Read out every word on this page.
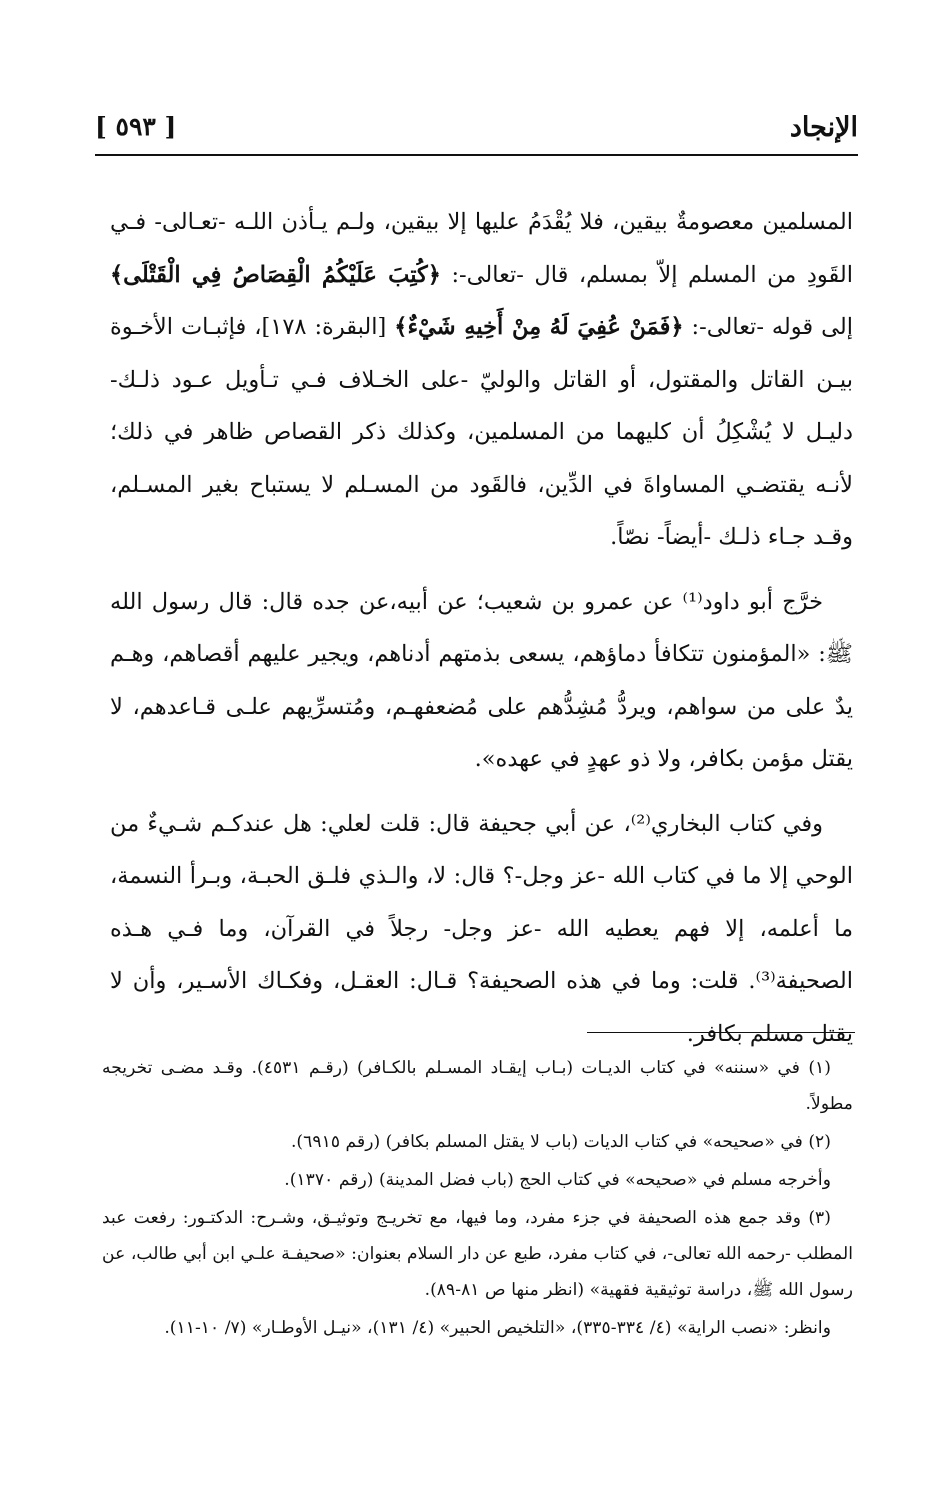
الإنجاد
[ ٥٩٣ ]

المسلمين معصومةٌ بيقين، فلا يُقْدَمُ عليها إلا بيقين، ولـم يـأذن اللـه -تعـالى- فـي القَودِ من المسلم إلاّ بمسلم، قال -تعالى-: ﴿كُتِبَ عَلَيْكُمُ الْقِصَاصُ فِي الْقَتْلَى﴾ إلى قوله -تعالى-: ﴿فَمَنْ عُفِيَ لَهُ مِنْ أَخِيهِ شَيْءٌ﴾ [البقرة: ١٧٨]، فإثبـات الأخـوة بيـن القاتل والمقتول، أو القاتل والوليّ -على الخـلاف فـي تـأويل عـود ذلـك- دليـل لا يُشْكِلُ أن كليهما من المسلمين، وكذلك ذكر القصاص ظاهر في ذلك؛ لأنـه يقتضـي المساواةَ في الدِّين، فالقَود من المسـلم لا يستباح بغير المسـلم، وقـد جـاء ذلـك -أيضاً- نصّاً.

خرَّج أبو داود⁽¹⁾ عن عمرو بن شعيب؛ عن أبيه،عن جده قال: قال رسول الله ﷺ: «المؤمنون تتكافأ دماؤهم، يسعى بذمتهم أدناهم، ويجير عليهم أقصاهم، وهـم يدٌ على من سواهم، ويردُّ مُشِدُّهم على مُضعفهـم، ومُتسرِّيهم علـى قـاعدهم، لا يقتل مؤمن بكافر، ولا ذو عهدٍ في عهده».

وفي كتاب البخاري⁽²⁾، عن أبي جحيفة قال: قلت لعلي: هل عندكـم شـيءٌ من الوحي إلا ما في كتاب الله -عز وجل-؟ قال: لا، والـذي فلـق الحبـة، وبـرأ النسمة، ما أعلمه، إلا فهم يعطيه الله -عز وجل- رجلاً في القرآن، وما فـي هـذه الصحيفة⁽³⁾. قلت: وما في هذه الصحيفة؟ قـال: العقـل، وفكـاك الأسـير، وأن لا يقتل مسلم بكافر.

(١) في «سننه» في كتاب الديـات (بـاب إيقـاد المسـلم بالكـافر) (رقـم ٤٥٣١). وقـد مضـى تخريجه مطولاً.

(٢) في «صحيحه» في كتاب الديات (باب لا يقتل المسلم بكافر) (رقم ٦٩١٥).

وأخرجه مسلم في «صحيحه» في كتاب الحج (باب فضل المدينة) (رقم ١٣٧٠).

(٣) وقد جمع هذه الصحيفة في جزء مفرد، وما فيها، مع تخريـج وتوثيـق، وشـرح: الدكتـور: رفعت عبد المطلب -رحمه الله تعالى-، في كتاب مفرد، طبع عن دار السلام بعنوان: «صحيفـة علـي ابن أبي طالب، عن رسول الله ﷺ، دراسة توثيقية فقهية» (انظر منها ص ٨١-٨٩).

وانظر: «نصب الراية» (٤/ ٣٣٤-٣٣٥)، «التلخيص الحبير» (٤/ ١٣١)، «نيـل الأوطـار» (٧/ ١٠-١١).
